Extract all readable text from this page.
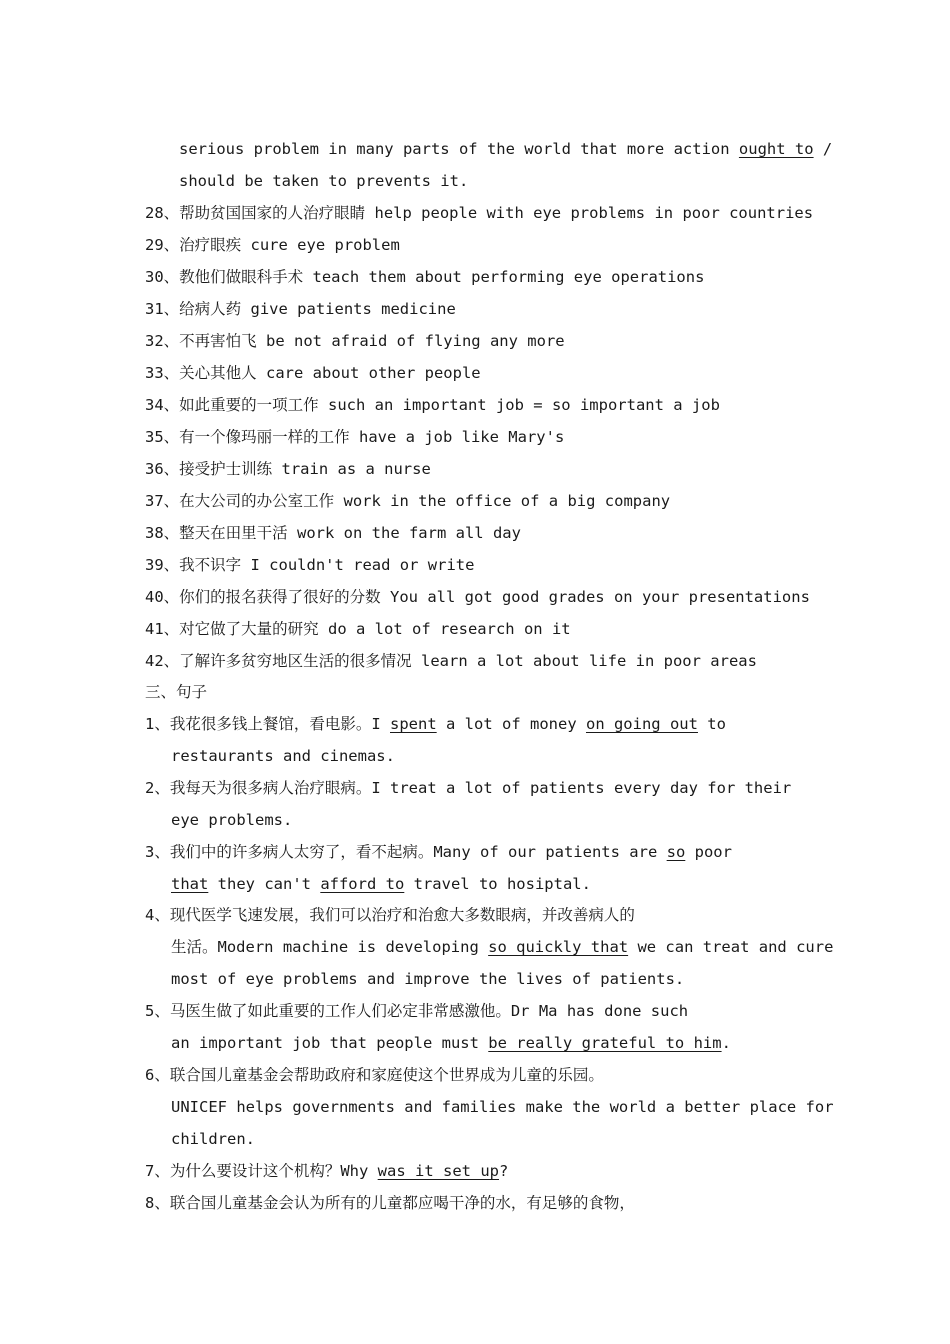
serious problem in many parts of the world that more action ought to /
should be taken to prevents it.
28、帮助贫国国家的人治疗眼睛 help people with eye problems in poor countries
29、治疗眼疾 cure eye problem
30、教他们做眼科手术 teach them about performing eye operations
31、给病人药 give patients medicine
32、不再害怕飞 be not afraid of flying any more
33、关心其他人 care about other people
34、如此重要的一项工作 such an important job = so important a job
35、有一个像玛丽一样的工作 have a job like Mary's
36、接受护士训练 train as a nurse
37、在大公司的办公室工作 work in the office of a big company
38、整天在田里干活 work on the farm all day
39、我不识字 I couldn't read or write
40、你们的报名获得了很好的分数 You all got good grades on your presentations
41、对它做了大量的研究 do a lot of research on it
42、了解许多贫穷地区生活的很多情况 learn a lot about life in poor areas
三、句子
1、我花很多钱上餐馆，看电影。I spent a lot of money on going out to
restaurants and cinemas.
2、我每天为很多病人治疗眼病。I treat a lot of patients every day for their
eye problems.
3、我们中的许多病人太穷了，看不起病。Many of our patients are so poor
that they can't afford to travel to hosiptal.
4、现代医学飞速发展，我们可以治疗和治愈大多数眼病，并改善病人的
生活。Modern machine is developing so quickly that we can treat and cure
most of eye problems and improve the lives of patients.
5、马医生做了如此重要的工作人们必定非常感激他。Dr Ma has done such
an important job that people must be really grateful to him.
6、联合国儿童基金会帮助政府和家庭使这个世界成为儿童的乐园。
UNICEF helps governments and families make the world a better place for
children.
7、为什么要设计这个机构？Why was it set up?
8、联合国儿童基金会认为所有的儿童都应喝干净的水，有足够的食物，
